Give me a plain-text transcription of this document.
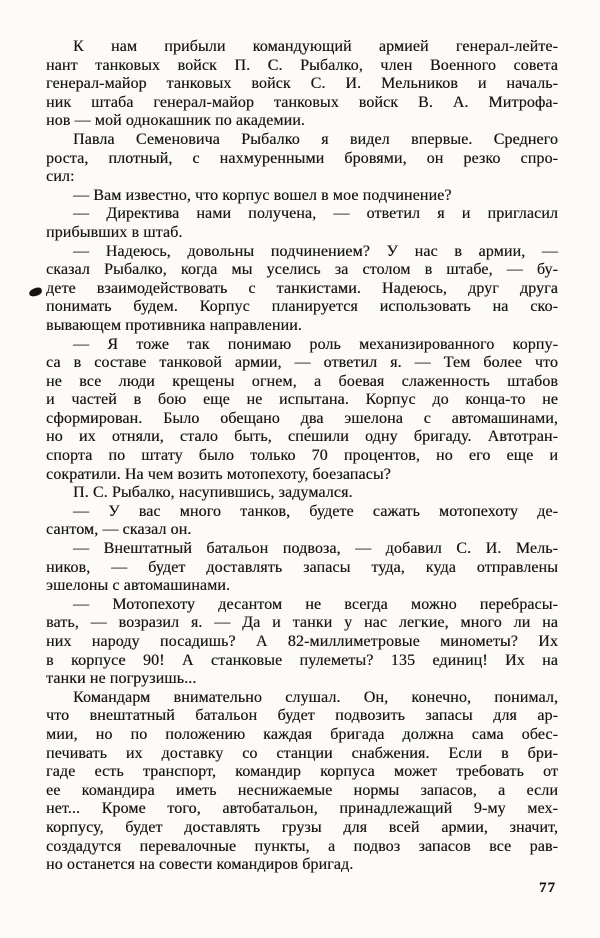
К нам прибыли командующий армией генерал-лейте-
нант танковых войск П. С. Рыбалко, член Военного совета
генерал-майор танковых войск С. И. Мельников и началь-
ник штаба генерал-майор танковых войск В. А. Митрофа-
нов — мой однокашник по академии.
Павла Семеновича Рыбалко я видел впервые. Среднего
роста, плотный, с нахмуренными бровями, он резко спро-
сил:
— Вам известно, что корпус вошел в мое подчинение?
— Директива нами получена, — ответил я и пригласил
прибывших в штаб.
— Надеюсь, довольны подчинением? У нас в армии, —
сказал Рыбалко, когда мы уселись за столом в штабе, — бу-
дете взаимодействовать с танкистами. Надеюсь, друг друга
понимать будем. Корпус планируется использовать на ско-
вывающем противника направлении.
— Я тоже так понимаю роль механизированного корпу-
са в составе танковой армии, — ответил я. — Тем более что
не все люди крещены огнем, а боевая слаженность штабов
и частей в бою еще не испытана. Корпус до конца-то не
сформирован. Было обещано два эшелона с автомашинами,
но их отняли, стало быть, спе́шили одну бригаду. Автотран-
спорта по штату было только 70 процентов, но его еще и
сократили. На чем возить мотопехоту, боезапасы?
П. С. Рыбалко, насупившись, задумался.
— У вас много танков, будете сажать мотопехоту де-
сантом, — сказал он.
— Внештатный батальон подвоза, — добавил С. И. Мель-
ников, — будет доставлять запасы туда, куда отправлены
эшелоны с автомашинами.
— Мотопехоту десантом не всегда можно перебрасы-
вать, — возразил я. — Да и танки у нас легкие, много ли на
них народу посадишь? А 82-миллиметровые минометы? Их
в корпусе 90! А станковые пулеметы? 135 единиц! Их на
танки не погрузишь...
Командарм внимательно слушал. Он, конечно, понимал,
что внештатный батальон будет подвозить запасы для ар-
мии, но по положению каждая бригада должна сама обес-
печивать их доставку со станции снабжения. Если в бри-
гаде есть транспорт, командир корпуса может требовать от
ее командира иметь неснижаемые нормы запасов, а если
нет... Кроме того, автобатальон, принадлежащий 9-му мех-
корпусу, будет доставлять грузы для всей армии, значит,
создадутся перевалочные пункты, а подвоз запасов все рав-
но останется на совести командиров бригад.
77
